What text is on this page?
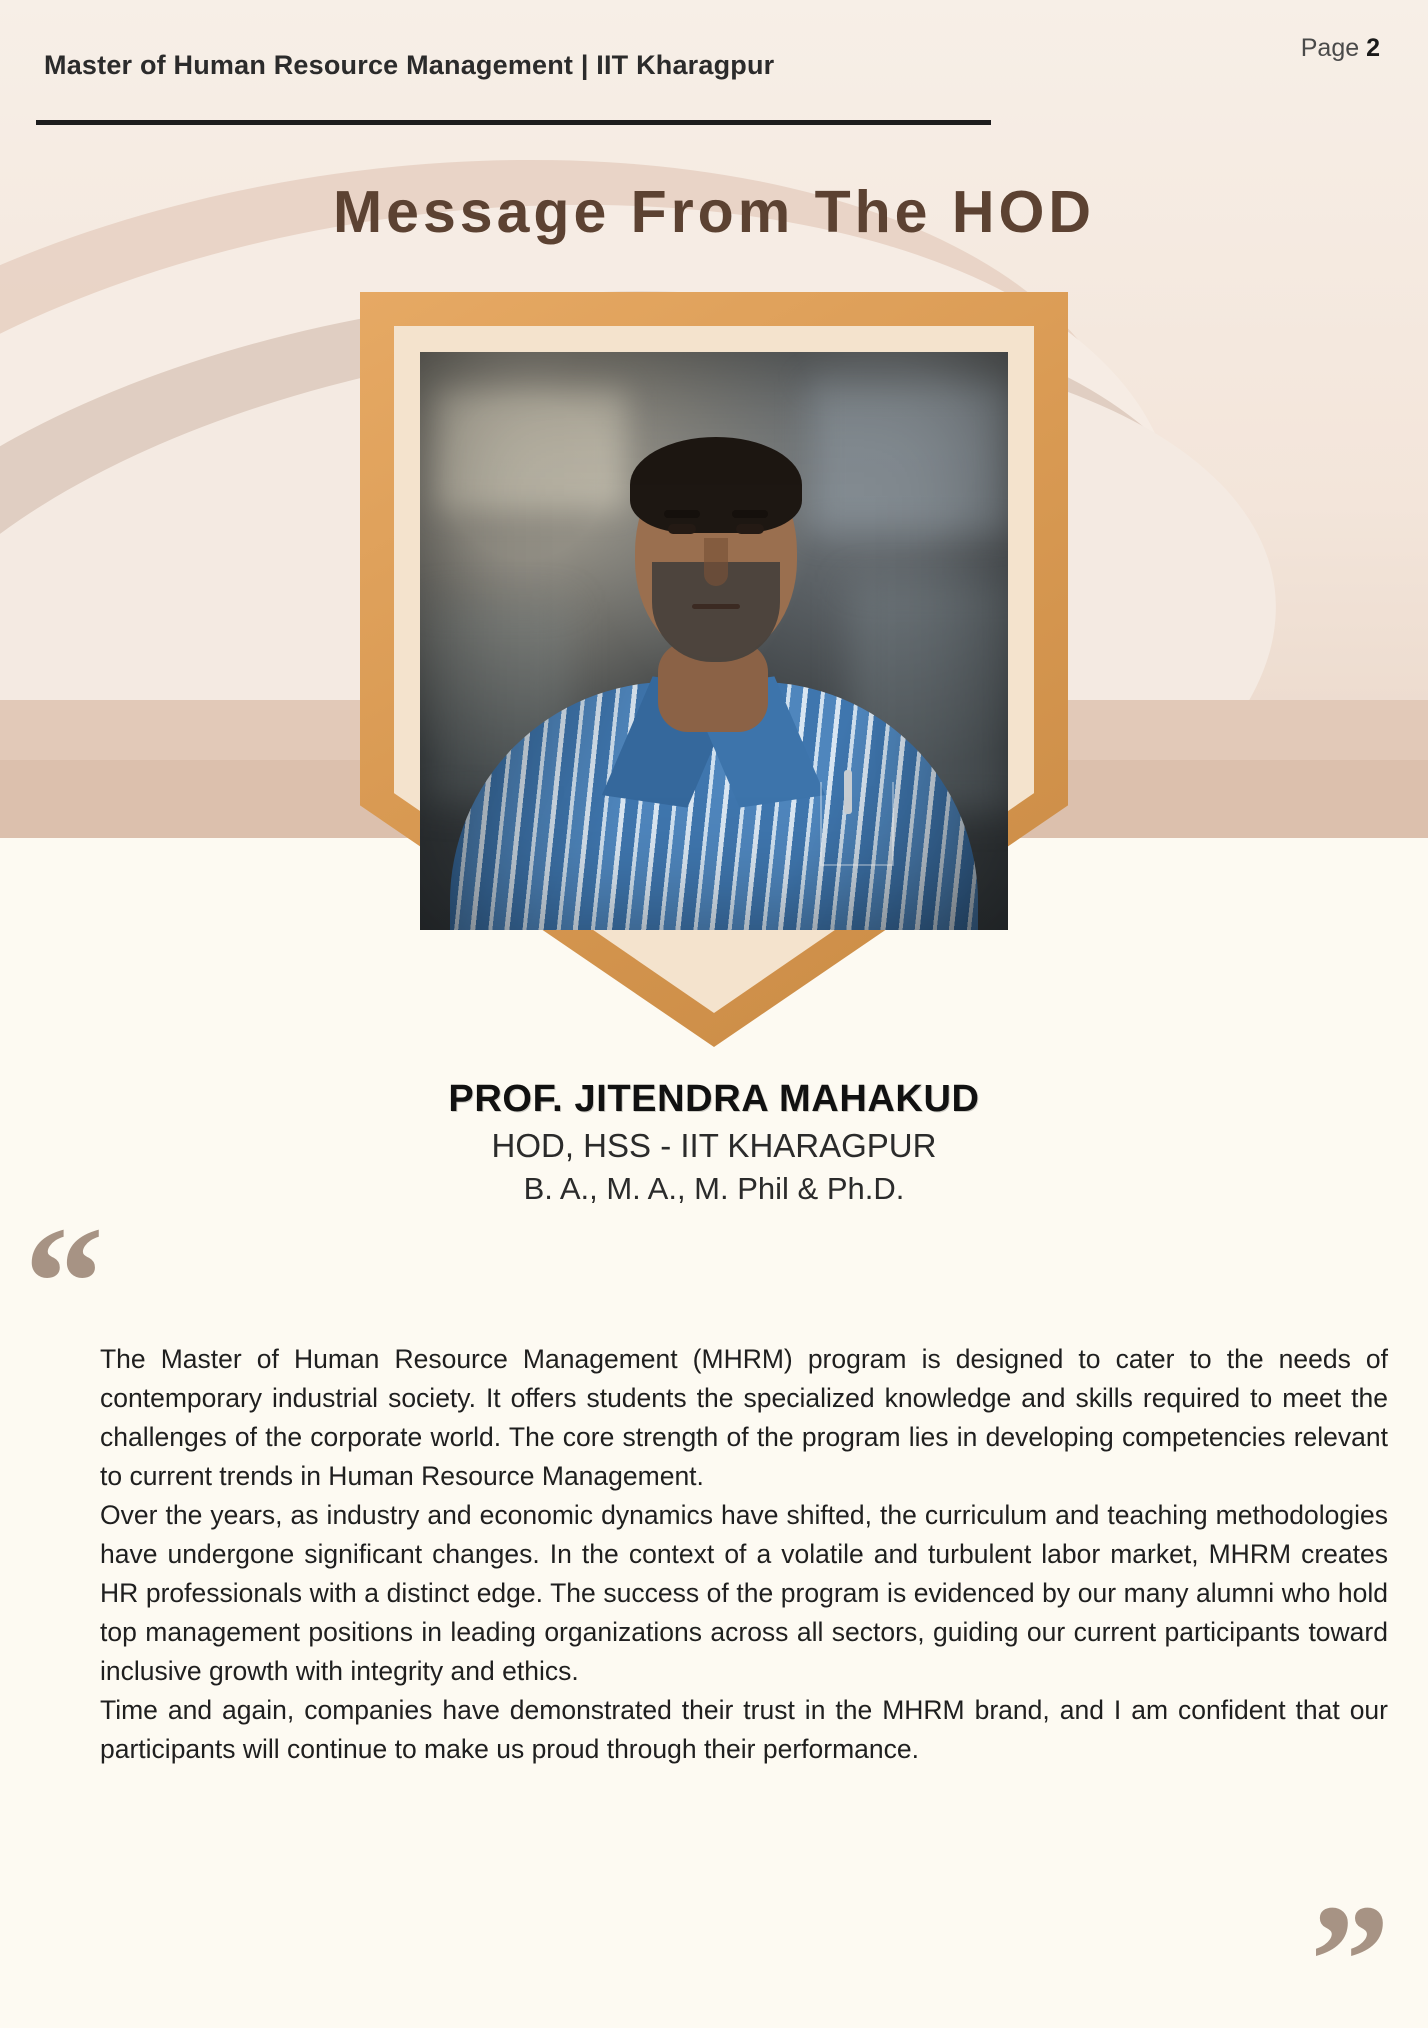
Master of Human Resource Management | IIT Kharagpur
Page 2
Message From The HOD
PROF. JITENDRA MAHAKUD
HOD, HSS - IIT KHARAGPUR
B. A., M. A., M. Phil & Ph.D.
“
”

The Master of Human Resource Management (MHRM) program is designed to cater to the needs of contemporary industrial society. It offers students the specialized knowledge and skills required to meet the challenges of the corporate world. The core strength of the program lies in developing competencies relevant to current trends in Human Resource Management.

Over the years, as industry and economic dynamics have shifted, the curriculum and teaching methodologies have undergone significant changes. In the context of a volatile and turbulent labor market, MHRM creates HR professionals with a distinct edge. The success of the program is evidenced by our many alumni who hold top management positions in leading organizations across all sectors, guiding our current participants toward inclusive growth with integrity and ethics.

Time and again, companies have demonstrated their trust in the MHRM brand, and I am confident that our participants will continue to make us proud through their performance.
